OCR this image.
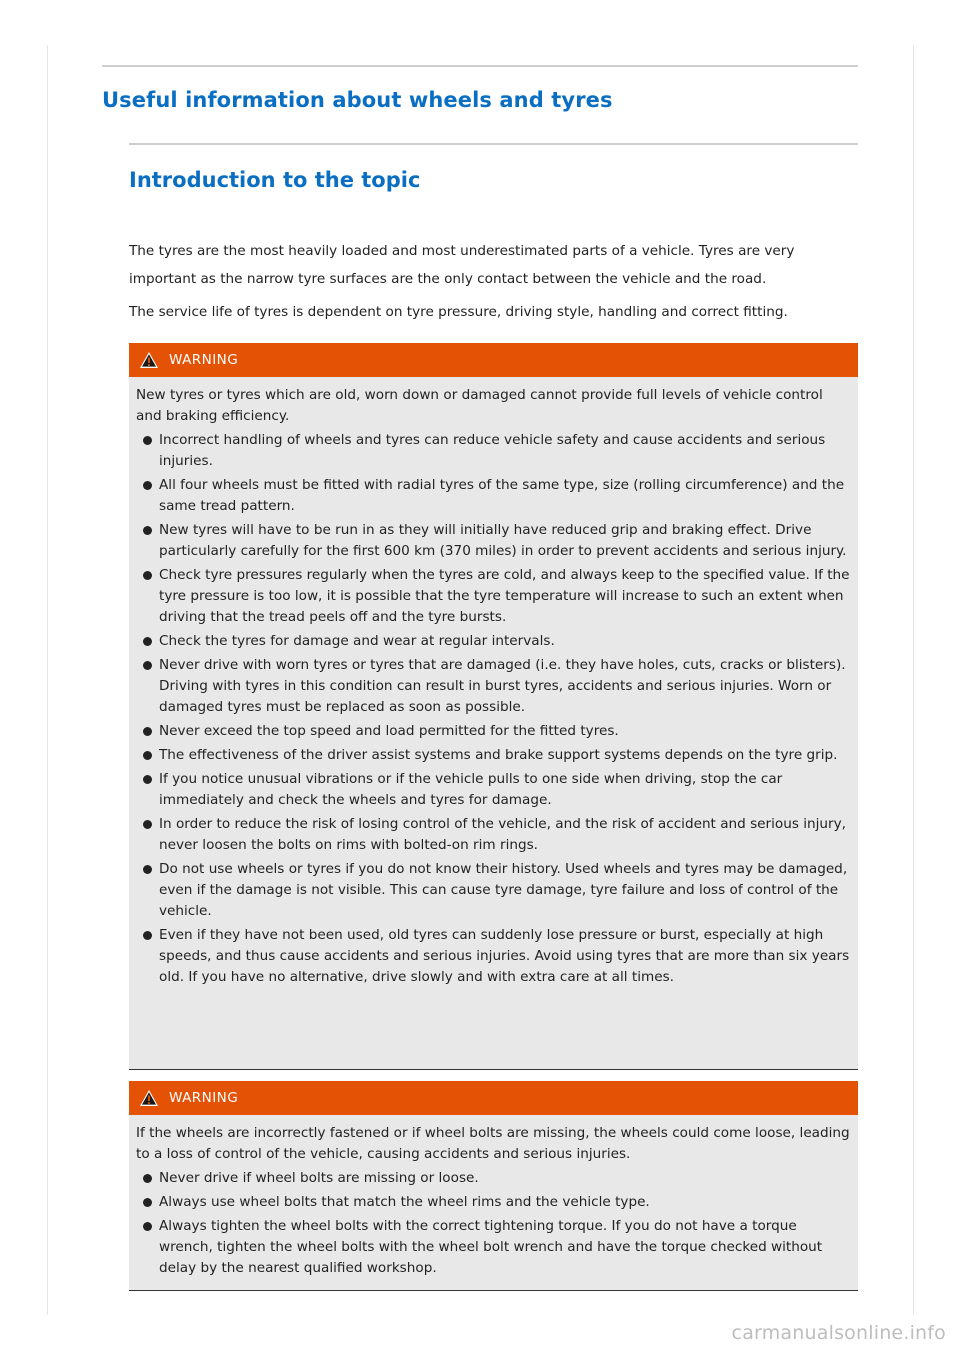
Useful information about wheels and tyres
Introduction to the topic

The tyres are the most heavily loaded and most underestimated parts of a vehicle. Tyres are very important as the narrow tyre surfaces are the only contact between the vehicle and the road.

The service life of tyres is dependent on tyre pressure, driving style, handling and correct fitting.

WARNING

New tyres or tyres which are old, worn down or damaged cannot provide full levels of vehicle control and braking efficiency.

Incorrect handling of wheels and tyres can reduce vehicle safety and cause accidents and serious injuries.
All four wheels must be fitted with radial tyres of the same type, size (rolling circumference) and the same tread pattern.
New tyres will have to be run in as they will initially have reduced grip and braking effect. Drive particularly carefully for the first 600 km (370 miles) in order to prevent accidents and serious injury.
Check tyre pressures regularly when the tyres are cold, and always keep to the specified value. If the tyre pressure is too low, it is possible that the tyre temperature will increase to such an extent when driving that the tread peels off and the tyre bursts.
Check the tyres for damage and wear at regular intervals.
Never drive with worn tyres or tyres that are damaged (i.e. they have holes, cuts, cracks or blisters). Driving with tyres in this condition can result in burst tyres, accidents and serious injuries. Worn or damaged tyres must be replaced as soon as possible.
Never exceed the top speed and load permitted for the fitted tyres.
The effectiveness of the driver assist systems and brake support systems depends on the tyre grip.
If you notice unusual vibrations or if the vehicle pulls to one side when driving, stop the car immediately and check the wheels and tyres for damage.
In order to reduce the risk of losing control of the vehicle, and the risk of accident and serious injury, never loosen the bolts on rims with bolted-on rim rings.
Do not use wheels or tyres if you do not know their history. Used wheels and tyres may be damaged, even if the damage is not visible. This can cause tyre damage, tyre failure and loss of control of the vehicle.
Even if they have not been used, old tyres can suddenly lose pressure or burst, especially at high speeds, and thus cause accidents and serious injuries. Avoid using tyres that are more than six years old. If you have no alternative, drive slowly and with extra care at all times.
WARNING

If the wheels are incorrectly fastened or if wheel bolts are missing, the wheels could come loose, leading to a loss of control of the vehicle, causing accidents and serious injuries.

Never drive if wheel bolts are missing or loose.
Always use wheel bolts that match the wheel rims and the vehicle type.
Always tighten the wheel bolts with the correct tightening torque. If you do not have a torque wrench, tighten the wheel bolts with the wheel bolt wrench and have the torque checked without delay by the nearest qualified workshop.
carmanualsonline.info
